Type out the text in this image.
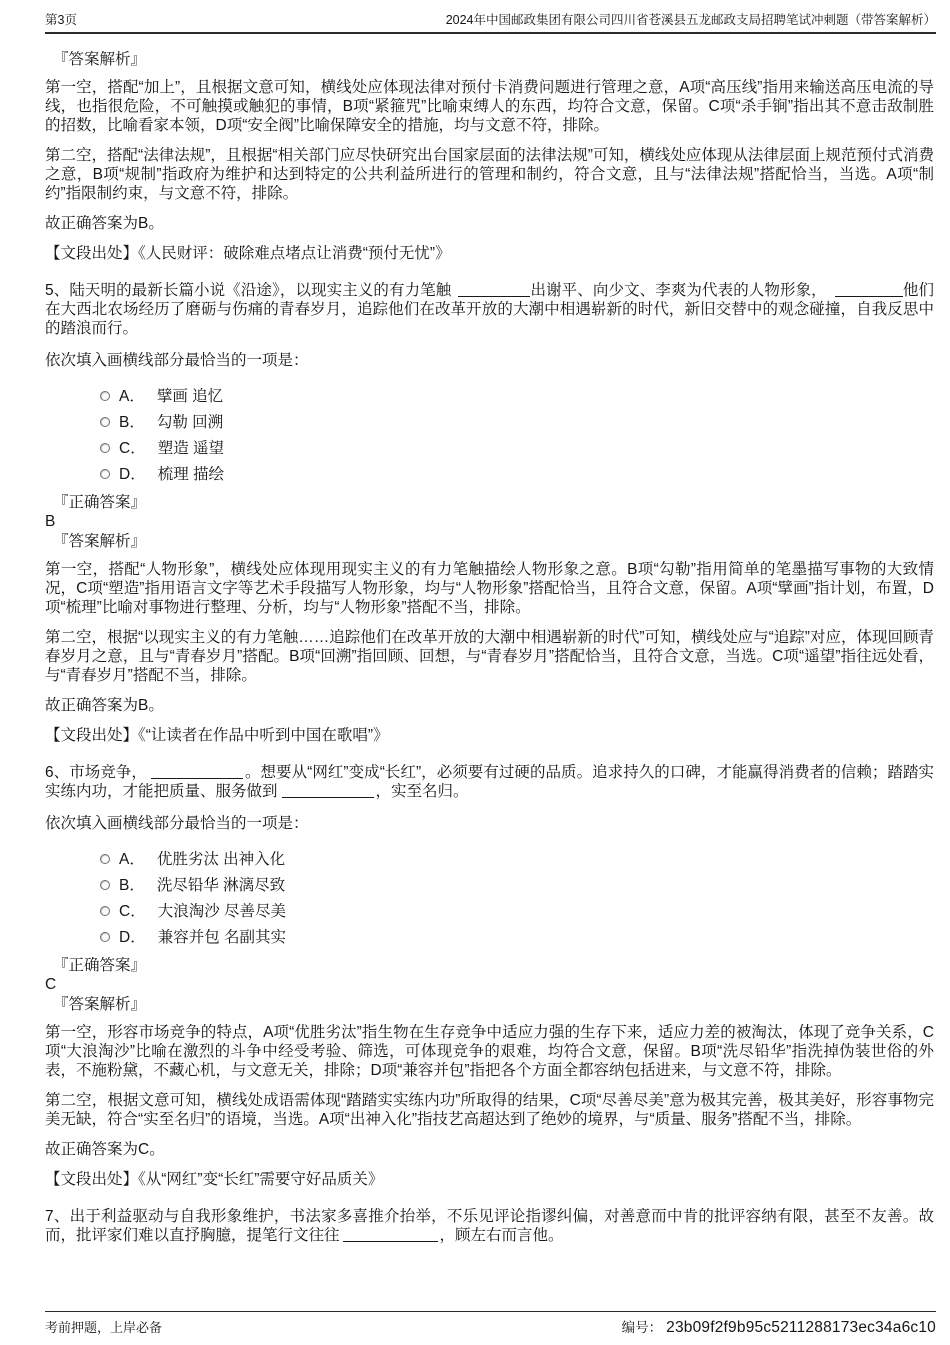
第3页	2024年中国邮政集团有限公司四川省苍溪县五龙邮政支局招聘笔试冲刺题（带答案解析）
『答案解析』

第一空，搭配“加上”，且根据文意可知，横线处应体现法律对预付卡消费问题进行管理之意，A项“高压线”指用来输送高压电流的导线，也指很危险，不可触摸或触犯的事情，B项“紧箍咒”比喻束缚人的东西，均符合文意，保留。C项“杀手锏”指出其不意击敌制胜的招数，比喻看家本领，D项“安全阀”比喻保障安全的措施，均与文意不符，排除。

第二空，搭配“法律法规”，且根据“相关部门应尽快研究出台国家层面的法律法规”可知，横线处应体现从法律层面上规范预付式消费之意，B项“规制”指政府为维护和达到特定的公共利益所进行的管理和制约，符合文意，且与“法律法规”搭配恰当，当选。A项“制约”指限制约束，与文意不符，排除。

故正确答案为B。

【文段出处】《人民财评：破除难点堵点让消费“预付无忧”》

5、陆天明的最新长篇小说《沿途》，以现实主义的有力笔触	出谢平、向少文、李爽为代表的人物形象，	他们在大西北农场经历了磨砺与伤痛的青春岁月，追踪他们在改革开放的大潮中相遇崭新的时代，新旧交替中的观念碰撞，自我反思中的踏浪而行。

依次填入画横线部分最恰当的一项是：

A． 擘画 追忆
B． 勾勒 回溯
C． 塑造 遥望
D． 梳理 描绘
『正确答案』
B
『答案解析』

第一空，搭配“人物形象”，横线处应体现用现实主义的有力笔触描绘人物形象之意。B项“勾勒”指用简单的笔墨描写事物的大致情况，C项“塑造”指用语言文字等艺术手段描写人物形象，均与“人物形象”搭配恰当，且符合文意，保留。A项“擘画”指计划，布置，D项“梳理”比喻对事物进行整理、分析，均与“人物形象”搭配不当，排除。

第二空，根据“以现实主义的有力笔触……追踪他们在改革开放的大潮中相遇崭新的时代”可知，横线处应与“追踪”对应，体现回顾青春岁月之意，且与“青春岁月”搭配。B项“回溯”指回顾、回想，与“青春岁月”搭配恰当，且符合文意，当选。C项“遥望”指往远处看，与“青春岁月”搭配不当，排除。

故正确答案为B。

【文段出处】《“让读者在作品中听到中国在歌唱”》

6、市场竞争，	。想要从“网红”变成“长红”，必须要有过硬的品质。追求持久的口碑，才能赢得消费者的信赖；踏踏实实练内功，才能把质量、服务做到	，实至名归。

依次填入画横线部分最恰当的一项是：

A． 优胜劣汰 出神入化
B． 洗尽铅华 淋漓尽致
C． 大浪淘沙 尽善尽美
D． 兼容并包 名副其实
『正确答案』
C
『答案解析』

第一空，形容市场竞争的特点，A项“优胜劣汰”指生物在生存竞争中适应力强的生存下来，适应力差的被淘汰，体现了竞争关系，C项“大浪淘沙”比喻在激烈的斗争中经受考验、筛选，可体现竞争的艰难，均符合文意，保留。B项“洗尽铅华”指洗掉伪装世俗的外表，不施粉黛，不藏心机，与文意无关，排除；D项“兼容并包”指把各个方面全都容纳包括进来，与文意不符，排除。

第二空，根据文意可知，横线处成语需体现“踏踏实实练内功”所取得的结果，C项“尽善尽美”意为极其完善，极其美好，形容事物完美无缺，符合“实至名归”的语境，当选。A项“出神入化”指技艺高超达到了绝妙的境界，与“质量、服务”搭配不当，排除。

故正确答案为C。

【文段出处】《从“网红”变“长红”需要守好品质关》

7、出于利益驱动与自我形象维护，书法家多喜推介抬举，不乐见评论指谬纠偏，对善意而中肯的批评容纳有限，甚至不友善。故而，批评家们难以直抒胸臆，提笔行文往往	，顾左右而言他。

考前押题，上岸必备	编号： 23b09f2f9b95c5211288173ec34a6c10
